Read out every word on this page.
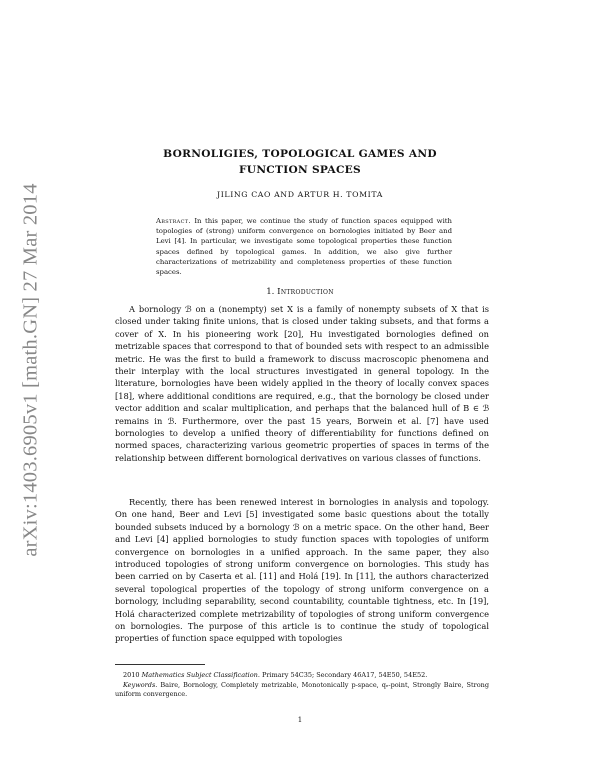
arXiv:1403.6905v1 [math.GN] 27 Mar 2014
BORNOLIGIES, TOPOLOGICAL GAMES AND
FUNCTION SPACES
JILING CAO AND ARTUR H. TOMITA
Abstract. In this paper, we continue the study of function spaces equipped with topologies of (strong) uniform convergence on bornologies initiated by Beer and Levi [4]. In particular, we investigate some topological properties these function spaces defined by topological games. In addition, we also give further characterizations of metrizability and completeness properties of these function spaces.
1. Introduction

A bornology ℬ on a (nonempty) set X is a family of nonempty subsets of X that is closed under taking finite unions, that is closed under taking subsets, and that forms a cover of X. In his pioneering work [20], Hu investigated bornologies defined on metrizable spaces that correspond to that of bounded sets with respect to an admissible metric. He was the first to build a framework to discuss macroscopic phenomena and their interplay with the local structures investigated in general topology. In the literature, bornologies have been widely applied in the theory of locally convex spaces [18], where additional conditions are required, e.g., that the bornology be closed under vector addition and scalar multiplication, and perhaps that the balanced hull of B ∈ ℬ remains in ℬ. Furthermore, over the past 15 years, Borwein et al. [7] have used bornologies to develop a unified theory of differentiability for functions defined on normed spaces, characterizing various geometric properties of spaces in terms of the relationship between different bornological derivatives on various classes of functions.

Recently, there has been renewed interest in bornologies in analysis and topology. On one hand, Beer and Levi [5] investigated some basic questions about the totally bounded subsets induced by a bornology ℬ on a metric space. On the other hand, Beer and Levi [4] applied bornologies to study function spaces with topologies of uniform convergence on bornologies in a unified approach. In the same paper, they also introduced topologies of strong uniform convergence on bornologies. This study has been carried on by Caserta et al. [11] and Holá [19]. In [11], the authors characterized several topological properties of the topology of strong uniform convergence on a bornology, including separability, second countability, countable tightness, etc. In [19], Holá characterized complete metrizability of topologies of strong uniform convergence on bornologies. The purpose of this article is to continue the study of topological properties of function space equipped with topologies

2010 Mathematics Subject Classification. Primary 54C35; Secondary 46A17, 54E50, 54E52.

Keywords. Baire, Bornology, Completely metrizable, Monotonically p-space, qₑ-point, Strongly Baire, Strong uniform convergence.

1
